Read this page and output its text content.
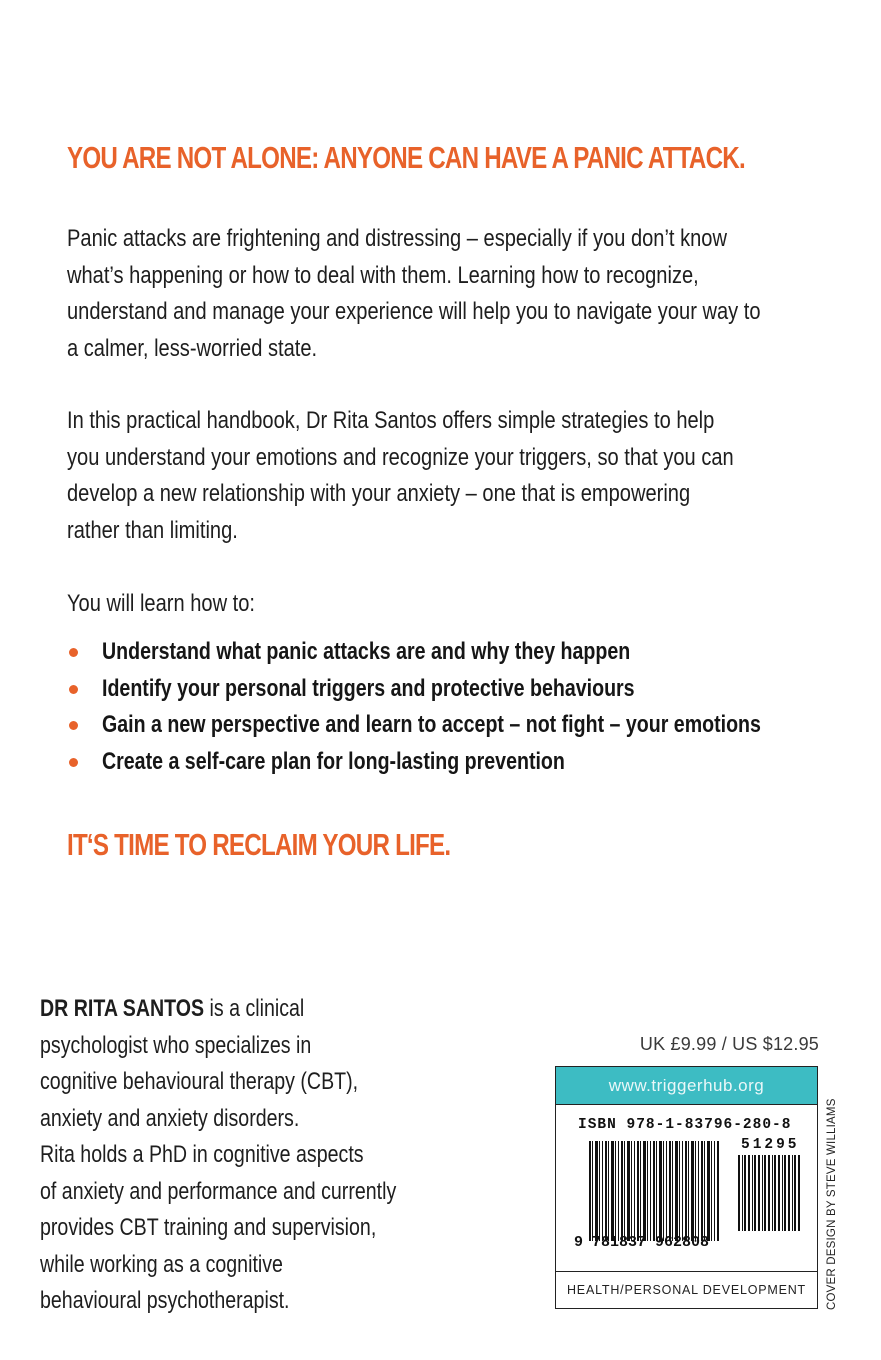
YOU ARE NOT ALONE: ANYONE CAN HAVE A PANIC ATTACK.
Panic attacks are frightening and distressing – especially if you don’t know
what’s happening or how to deal with them. Learning how to recognize,
understand and manage your experience will help you to navigate your way to
a calmer, less-worried state.
In this practical handbook, Dr Rita Santos offers simple strategies to help
you understand your emotions and recognize your triggers, so that you can
develop a new relationship with your anxiety – one that is empowering
rather than limiting.
You will learn how to:
Understand what panic attacks are and why they happen
Identify your personal triggers and protective behaviours
Gain a new perspective and learn to accept – not fight – your emotions
Create a self-care plan for long-lasting prevention
IT‘S TIME TO RECLAIM YOUR LIFE.
DR RITA SANTOS is a clinical
psychologist who specializes in
cognitive behavioural therapy (CBT),
anxiety and anxiety disorders.
Rita holds a PhD in cognitive aspects
of anxiety and performance and currently
provides CBT training and supervision,
while working as a cognitive
behavioural psychotherapist.
UK £9.99 / US $12.95
www.triggerhub.org
ISBN 978-1-83796-280-8
51295
9 781837 962808
HEALTH/PERSONAL DEVELOPMENT	COVER DESIGN BY STEVE WILLIAMS
